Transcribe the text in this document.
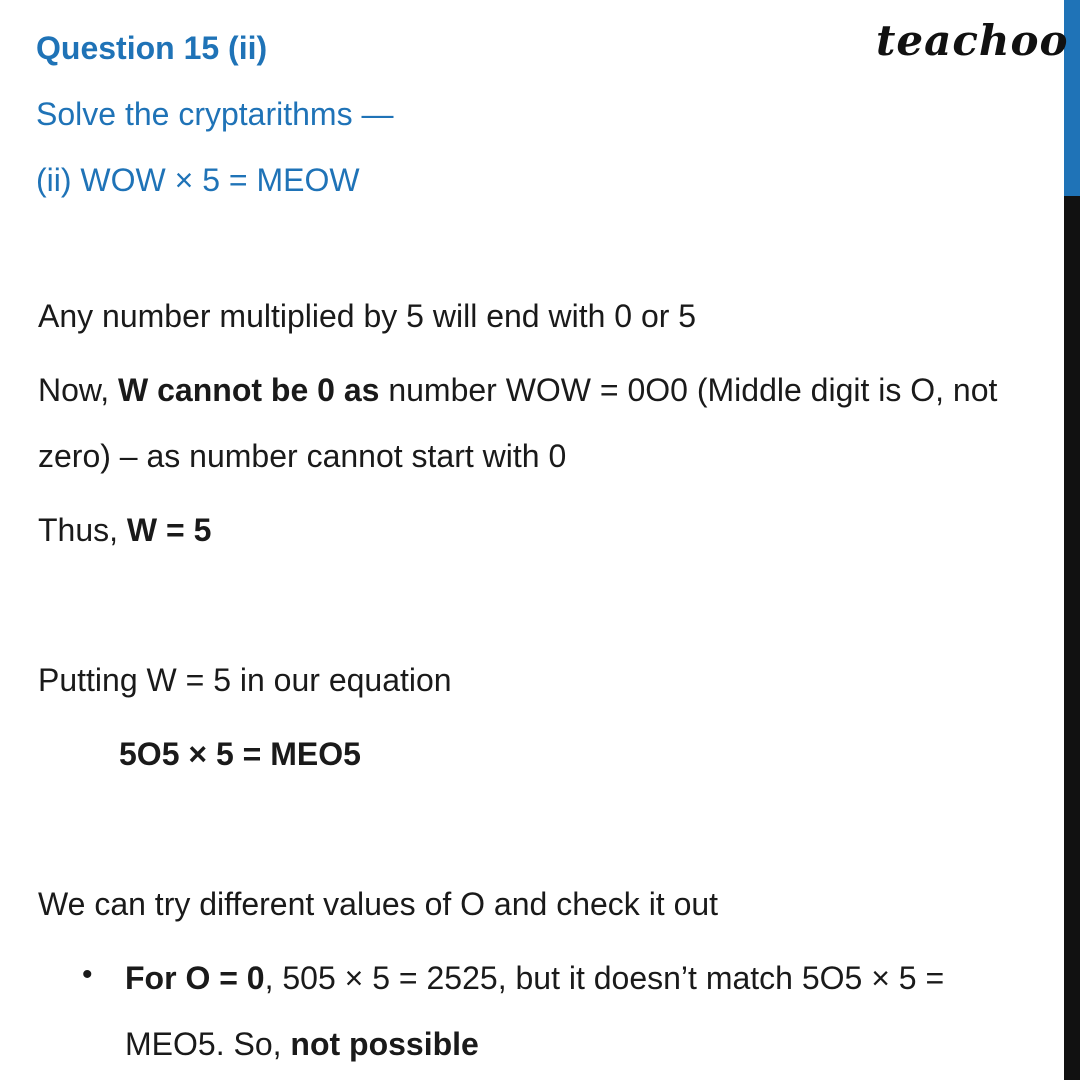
teachoo
Question 15 (ii)
Solve the cryptarithms —
(ii) WOW × 5 = MEOW
Any number multiplied by 5 will end with 0 or 5
Now, W cannot be 0 as number WOW = 0O0 (Middle digit is O, not
zero) – as number cannot start with 0
Thus, W = 5
Putting W = 5 in our equation
5O5 × 5 = MEO5
We can try different values of O and check it out
• For O = 0, 505 × 5 = 2525, but it doesn’t match 5O5 × 5 =
MEO5. So, not possible
